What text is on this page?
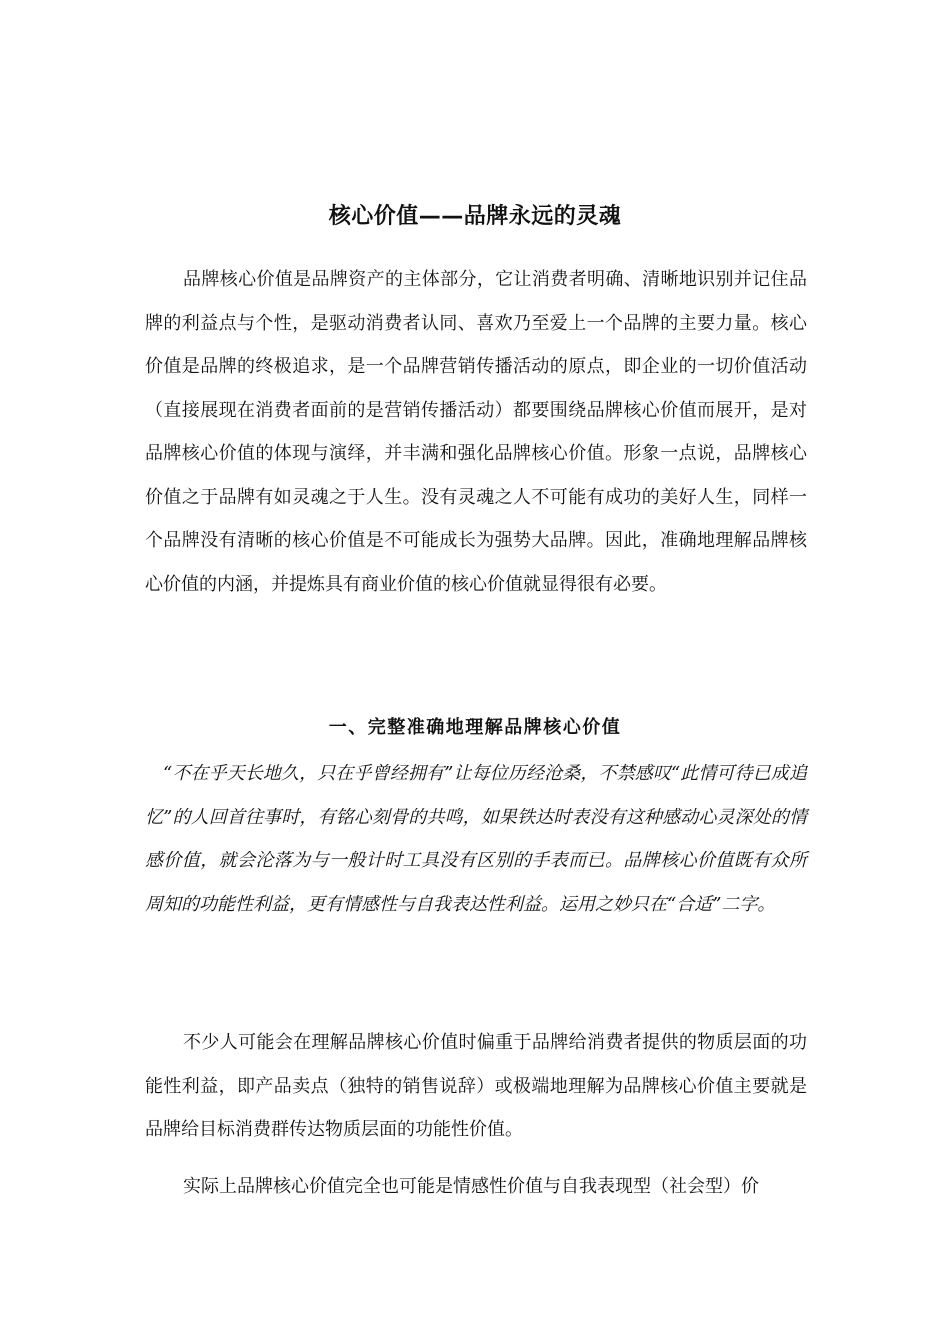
核心价值——品牌永远的灵魂

品牌核心价值是品牌资产的主体部分，它让消费者明确、清晰地识别并记住品牌的利益点与个性，是驱动消费者认同、喜欢乃至爱上一个品牌的主要力量。核心价值是品牌的终极追求，是一个品牌营销传播活动的原点，即企业的一切价值活动（直接展现在消费者面前的是营销传播活动）都要围绕品牌核心价值而展开，是对品牌核心价值的体现与演绎，并丰满和强化品牌核心价值。形象一点说，品牌核心价值之于品牌有如灵魂之于人生。没有灵魂之人不可能有成功的美好人生，同样一个品牌没有清晰的核心价值是不可能成长为强势大品牌。因此，准确地理解品牌核心价值的内涵，并提炼具有商业价值的核心价值就显得很有必要。

一、完整准确地理解品牌核心价值

“不在乎天长地久，只在乎曾经拥有”让每位历经沧桑，不禁感叹“此情可待已成追忆”的人回首往事时，有铭心刻骨的共鸣，如果铁达时表没有这种感动心灵深处的情感价值，就会沦落为与一般计时工具没有区别的手表而已。品牌核心价值既有众所周知的功能性利益，更有情感性与自我表达性利益。运用之妙只在“合适”二字。

不少人可能会在理解品牌核心价值时偏重于品牌给消费者提供的物质层面的功能性利益，即产品卖点（独特的销售说辞）或极端地理解为品牌核心价值主要就是品牌给目标消费群传达物质层面的功能性价值。

实际上品牌核心价值完全也可能是情感性价值与自我表现型（社会型）价
